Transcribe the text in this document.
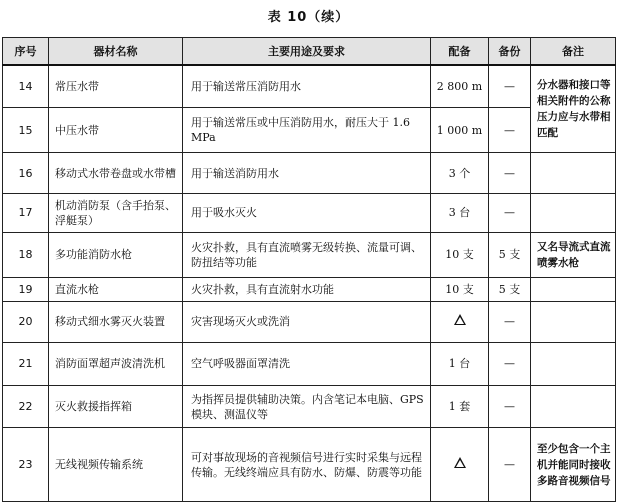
表 10（续）
序号	器材名称	主要用途及要求	配备	备份	备注
14	常压水带	用于输送常压消防用水	2 800 m	—	分水器和接口等相关附件的公称压力应与水带相匹配
15	中压水带	用于输送常压或中压消防用水，耐压大于 1.6 MPa	1 000 m	—	
16	移动式水带卷盘或水带槽	用于输送消防用水	3 个	—	
17	机动消防泵（含手抬泵、浮艇泵）	用于吸水灭火	3 台	—	
18	多功能消防水枪	火灾扑救，具有直流喷雾无级转换、流量可调、防扭结等功能	10 支	5 支	又名导流式直流喷雾水枪
19	直流水枪	火灾扑救，具有直流射水功能	10 支	5 支	
20	移动式细水雾灭火装置	灾害现场灭火或洗消		—	
21	消防面罩超声波清洗机	空气呼吸器面罩清洗	1 台	—	
22	灭火救援指挥箱	为指挥员提供辅助决策。内含笔记本电脑、GPS 模块、测温仪等	1 套	—	
23	无线视频传输系统	可对事故现场的音视频信号进行实时采集与远程传输。无线终端应具有防水、防爆、防震等功能		—	至少包含一个主机并能同时接收多路音视频信号
